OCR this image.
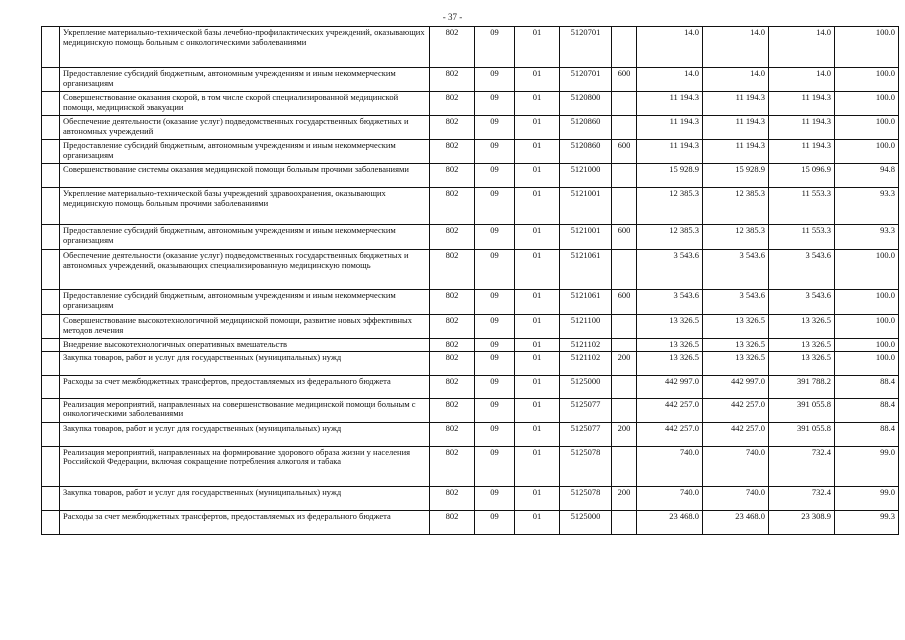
- 37 -
	Укрепление материально-технической базы лечебно-профилактических учреждений, оказывающих медицинскую помощь больным с онкологическими заболеваниями	802	09	01	5120701		14.0	14.0	14.0	100.0
	Предоставление субсидий бюджетным, автономным учреждениям и иным некоммерческим организациям	802	09	01	5120701	600	14.0	14.0	14.0	100.0
	Совершенствование оказания скорой, в том числе скорой специализированной медицинской помощи, медицинской эвакуации	802	09	01	5120800		11 194.3	11 194.3	11 194.3	100.0
	Обеспечение деятельности (оказание услуг) подведомственных государственных бюджетных и автономных учреждений	802	09	01	5120860		11 194.3	11 194.3	11 194.3	100.0
	Предоставление субсидий бюджетным, автономным учреждениям и иным некоммерческим организациям	802	09	01	5120860	600	11 194.3	11 194.3	11 194.3	100.0
	Совершенствование системы оказания медицинской помощи больным прочими заболеваниями	802	09	01	5121000		15 928.9	15 928.9	15 096.9	94.8
	Укрепление материально-технической базы учреждений здравоохранения, оказывающих медицинскую помощь больным прочими заболеваниями	802	09	01	5121001		12 385.3	12 385.3	11 553.3	93.3
	Предоставление субсидий бюджетным, автономным учреждениям и иным некоммерческим организациям	802	09	01	5121001	600	12 385.3	12 385.3	11 553.3	93.3
	Обеспечение деятельности (оказание услуг) подведомственных государственных бюджетных и автономных учреждений, оказывающих специализированную медицинскую помощь	802	09	01	5121061		3 543.6	3 543.6	3 543.6	100.0
	Предоставление субсидий бюджетным, автономным учреждениям и иным некоммерческим организациям	802	09	01	5121061	600	3 543.6	3 543.6	3 543.6	100.0
	Совершенствование высокотехнологичной медицинской помощи, развитие новых эффективных методов лечения	802	09	01	5121100		13 326.5	13 326.5	13 326.5	100.0
	Внедрение высокотехнологичных оперативных вмешательств	802	09	01	5121102		13 326.5	13 326.5	13 326.5	100.0
	Закупка товаров, работ и услуг для государственных (муниципальных) нужд	802	09	01	5121102	200	13 326.5	13 326.5	13 326.5	100.0
	Расходы за счет межбюджетных трансфертов, предоставляемых из федерального бюджета	802	09	01	5125000		442 997.0	442 997.0	391 788.2	88.4
	Реализация мероприятий, направленных на совершенствование медицинской помощи больным с онкологическими заболеваниями	802	09	01	5125077		442 257.0	442 257.0	391 055.8	88.4
	Закупка товаров, работ и услуг для государственных (муниципальных) нужд	802	09	01	5125077	200	442 257.0	442 257.0	391 055.8	88.4
	Реализация мероприятий, направленных на формирование здорового образа жизни у населения Российской Федерации, включая сокращение потребления алкоголя и табака	802	09	01	5125078		740.0	740.0	732.4	99.0
	Закупка товаров, работ и услуг для государственных (муниципальных) нужд	802	09	01	5125078	200	740.0	740.0	732.4	99.0
	Расходы за счет межбюджетных трансфертов, предоставляемых из федерального бюджета	802	09	01	5125000		23 468.0	23 468.0	23 308.9	99.3
